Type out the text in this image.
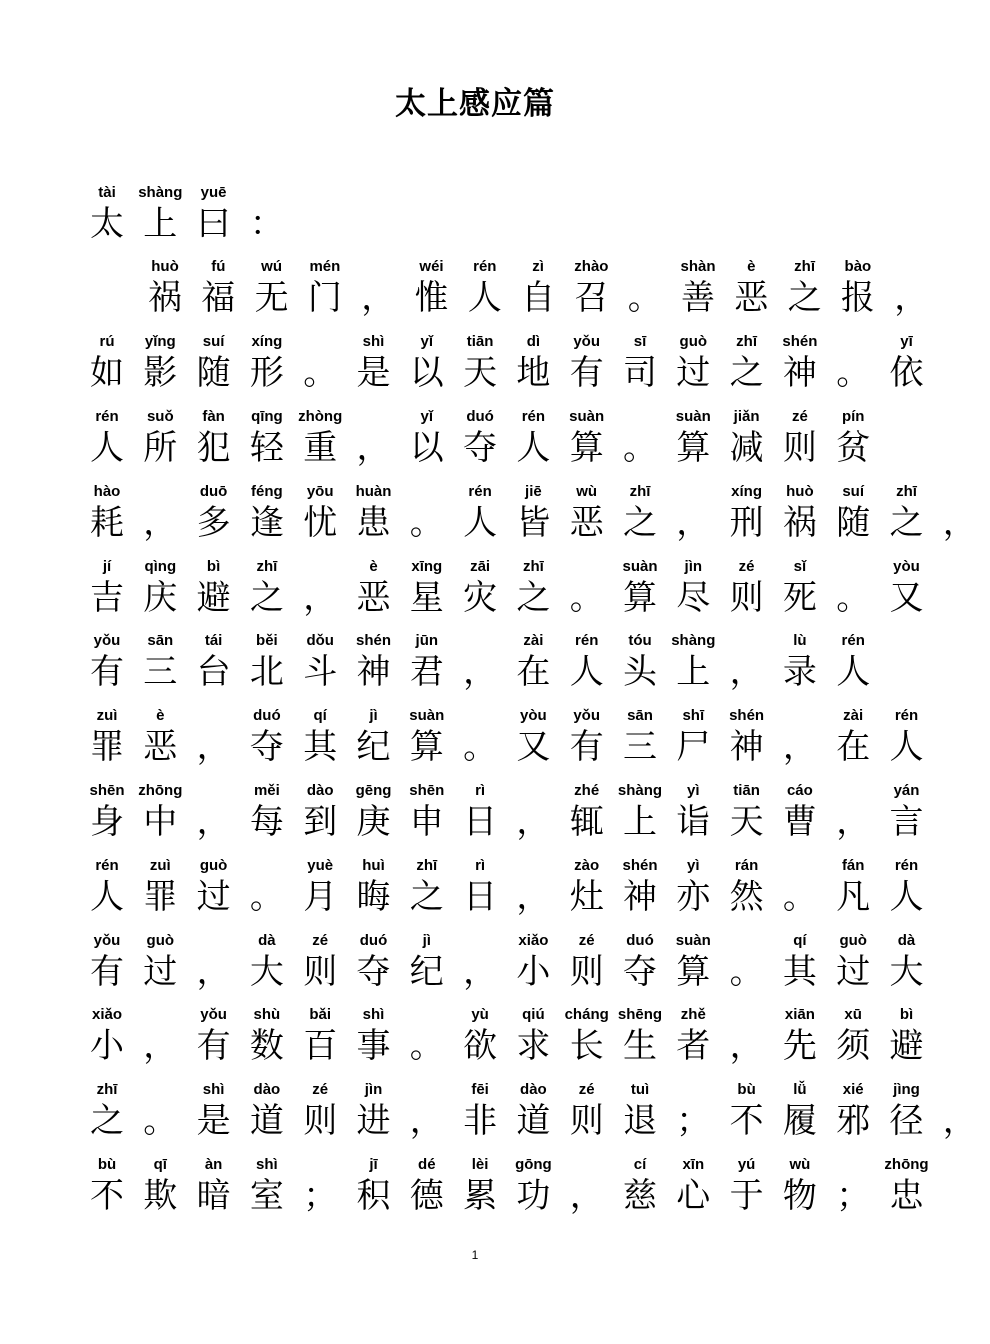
太上感应篇
tài
太
shàng
上
yuē
曰 ：
huò
祸
fú
福
wú
无
mén
门 ，
wéi
惟
rén
人
zì
自
zhào
召 。
shàn
善
è
恶
zhī
之
bào
报 ，
rú
如
yǐng
影
suí
随
xíng
形 。
shì
是
yǐ
以
tiān
天
dì
地
yǒu
有
sī
司
guò
过
zhī
之
shén
神 。
yī
依
rén
人
suǒ
所
fàn
犯
qīng
轻
zhòng
重 ，
yǐ
以
duó
夺
rén
人
suàn
算 。
suàn
算
jiǎn
减
zé
则
pín
贫
hào
耗 ，
duō
多
féng
逢
yōu
忧
huàn
患 。
rén
人
jiē
皆
wù
恶
zhī
之 ，
xíng
刑
huò
祸
suí
随
zhī
之 ，
jí
吉
qìng
庆
bì
避
zhī
之 ，
è
恶
xīng
星
zāi
灾
zhī
之 。
suàn
算
jìn
尽
zé
则
sǐ
死 。
yòu
又
yǒu
有
sān
三
tái
台
běi
北
dǒu
斗
shén
神
jūn
君 ，
zài
在
rén
人
tóu
头
shàng
上 ，
lù
录
rén
人
zuì
罪
è
恶 ，
duó
夺
qí
其
jì
纪
suàn
算 。
yòu
又
yǒu
有
sān
三
shī
尸
shén
神 ，
zài
在
rén
人
shēn
身
zhōng
中 ，
měi
每
dào
到
gēng
庚
shēn
申
rì
日 ，
zhé
辄
shàng
上
yì
诣
tiān
天
cáo
曹 ，
yán
言
rén
人
zuì
罪
guò
过 。
yuè
月
huì
晦
zhī
之
rì
日 ，
zào
灶
shén
神
yì
亦
rán
然 。
fán
凡
rén
人
yǒu
有
guò
过 ，
dà
大
zé
则
duó
夺
jì
纪 ，
xiǎo
小
zé
则
duó
夺
suàn
算 。
qí
其
guò
过
dà
大
xiǎo
小 ，
yǒu
有
shù
数
bǎi
百
shì
事 。
yù
欲
qiú
求
cháng
长
shēng
生
zhě
者 ，
xiān
先
xū
须
bì
避
zhī
之 。
shì
是
dào
道
zé
则
jìn
进 ，
fēi
非
dào
道
zé
则
tuì
退 ；
bù
不
lǚ
履
xié
邪
jìng
径 ，
bù
不
qī
欺
àn
暗
shì
室 ；
jī
积
dé
德
lèi
累
gōng
功 ，
cí
慈
xīn
心
yú
于
wù
物 ；
zhōng
忠
1
